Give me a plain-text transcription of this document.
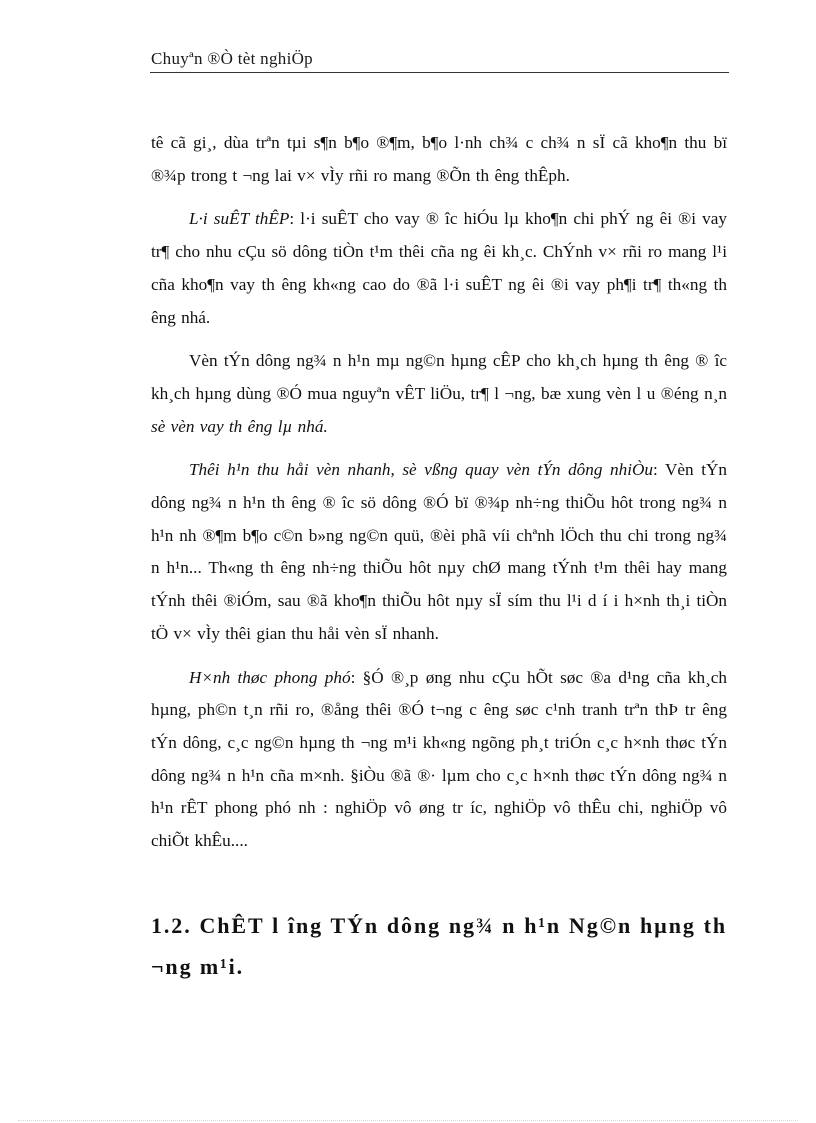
Chuyªn ®Ò tèt nghiÖp

tê cã gi¸, dùa trªn tµi s¶n b¶o ®¶m, b¶o l·nh ch¾ c ch¾ n sÏ cã kho¶n thu bï ®¾p trong t ¬ng lai v× vÌy rñi ro mang ®Õn th êng thÊph.

L·i suÊT thÊP: l·i suÊT cho vay ® îc hiÓu lµ kho¶n chi phÝ ng êi ®i vay tr¶ cho nhu cÇu sö dông tiÒn t¹m thêi cña ng êi kh¸c. ChÝnh v× rñi ro mang l¹i cña kho¶n vay th êng kh«ng cao do ®ã l·i suÊT ng êi ®i vay ph¶i tr¶ th«ng th êng nhá.

Vèn tÝn dông ng¾ n h¹n mµ ng©n hµng cÊP cho kh¸ch hµng th êng ® îc kh¸ch hµng dùng ®Ó mua nguyªn vÊT liÖu, tr¶ l ¬ng, bæ xung vèn l u ®éng n¸n sè vèn vay th êng lµ nhá.

Thêi h¹n thu håi vèn nhanh, sè vßng quay vèn tÝn dông nhiÒu: Vèn tÝn dông ng¾ n h¹n th êng ® îc sö dông ®Ó bï ®¾p nh÷ng thiÕu hôt trong ng¾ n h¹n nh ®¶m b¶o c©n b»ng ng©n quü, ®èi phã víi chªnh lÖch thu chi trong ng¾ n h¹n... Th«ng th êng nh÷ng thiÕu hôt nµy chØ mang tÝnh t¹m thêi hay mang tÝnh thêi ®iÓm, sau ®ã kho¶n thiÕu hôt nµy sÏ sím thu l¹i d í i h×nh th¸i tiÒn tÖ v× vÌy thêi gian thu håi vèn sÏ nhanh.

H×nh thøc phong phó: §Ó ®¸p øng nhu cÇu hÕt søc ®a d¹ng cña kh¸ch hµng, ph©n t¸n rñi ro, ®ång thêi ®Ó t¬ng c êng søc c¹nh tranh trªn thÞ tr êng tÝn dông, c¸c ng©n hµng th ¬ng m¹i kh«ng ngõng ph¸t triÓn c¸c h×nh thøc tÝn dông ng¾ n h¹n cña m×nh. §iÒu ®ã ®· lµm cho c¸c h×nh thøc tÝn dông ng¾ n h¹n rÊT phong phó nh : nghiÖp vô øng tr íc, nghiÖp vô thÊu chi, nghiÖp vô chiÕt khÊu....

1.2. ChÊT l îng TÝn dông ng¾ n h¹n Ng©n hµng th ¬ng m¹i.
